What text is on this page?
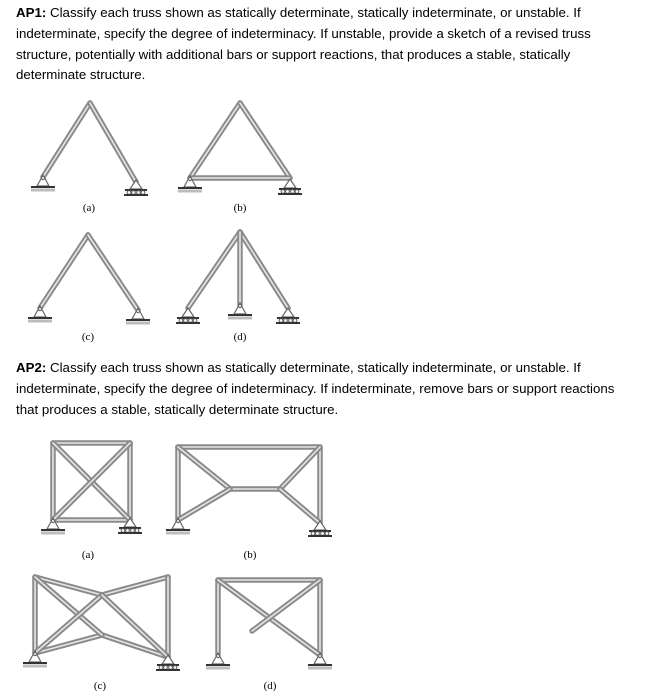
AP1: Classify each truss shown as statically determinate, statically indeterminate, or unstable. If indeterminate, specify the degree of indeterminacy. If unstable, provide a sketch of a revised truss structure, potentially with additional bars or support reactions, that produces a stable, statically determinate structure.
(a)	(b)
(c)	(d)
AP2: Classify each truss shown as statically determinate, statically indeterminate, or unstable. If indeterminate, specify the degree of indeterminacy. If indeterminate, remove bars or support reactions that produces a stable, statically determinate structure.
(a)	(b)
(c)	(d)
